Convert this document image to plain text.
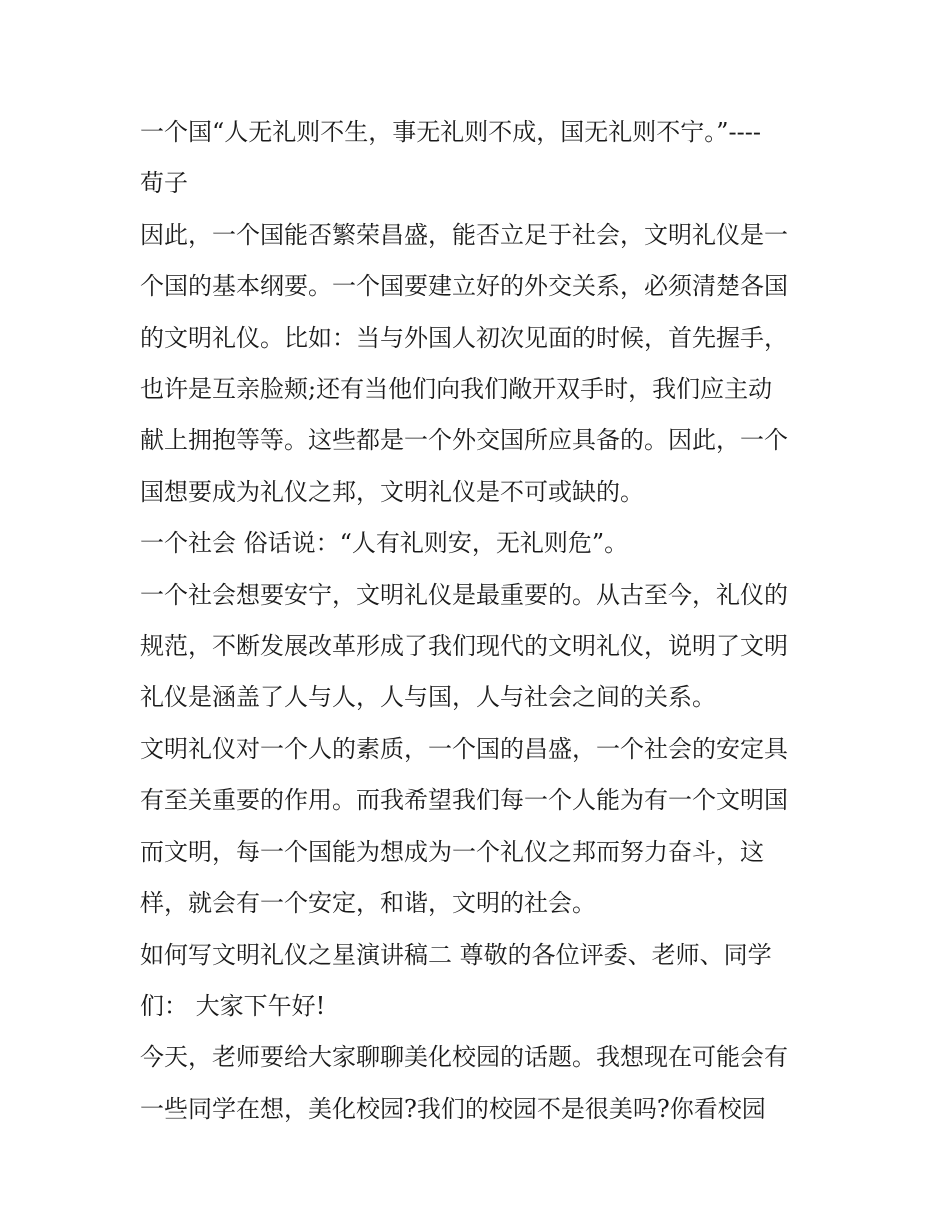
一个国“人无礼则不生，事无礼则不成，国无礼则不宁。”----
荀子

因此，一个国能否繁荣昌盛，能否立足于社会，文明礼仪是一
个国的基本纲要。一个国要建立好的外交关系，必须清楚各国
的文明礼仪。比如：当与外国人初次见面的时候，首先握手，
也许是互亲脸颊;还有当他们向我们敞开双手时，我们应主动
献上拥抱等等。这些都是一个外交国所应具备的。因此，一个
国想要成为礼仪之邦，文明礼仪是不可或缺的。

一个社会 俗话说：“人有礼则安，无礼则危”。

一个社会想要安宁，文明礼仪是最重要的。从古至今，礼仪的
规范，不断发展改革形成了我们现代的文明礼仪，说明了文明
礼仪是涵盖了人与人，人与国，人与社会之间的关系。

文明礼仪对一个人的素质，一个国的昌盛，一个社会的安定具
有至关重要的作用。而我希望我们每一个人能为有一个文明国
而文明，每一个国能为想成为一个礼仪之邦而努力奋斗，这
样，就会有一个安定，和谐，文明的社会。

如何写文明礼仪之星演讲稿二 尊敬的各位评委、老师、同学
们： 大家下午好!

今天，老师要给大家聊聊美化校园的话题。我想现在可能会有
一些同学在想，美化校园?我们的校园不是很美吗?你看校园
